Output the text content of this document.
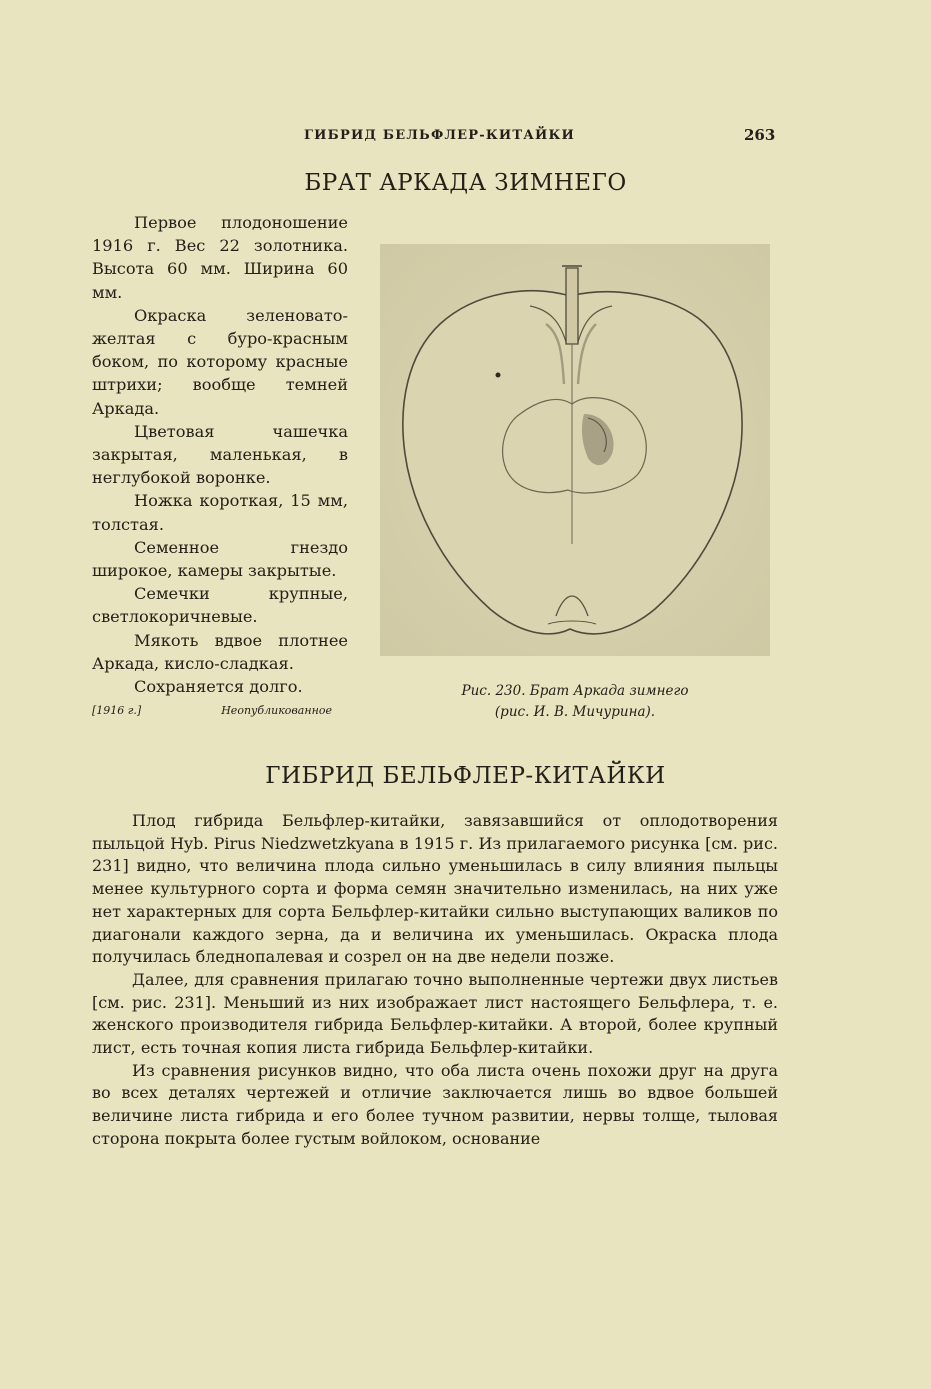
ГИБРИД БЕЛЬФЛЕР-КИТАЙКИ	263
БРАТ АРКАДА ЗИМНЕГО

Первое плодоношение 1916 г. Вес 22 золотника. Высота 60 мм. Ширина 60 мм.

Окраска зеленовато-желтая с буро-красным боком, по которому красные штрихи; вообще темней Аркада.

Цветовая чашечка закрытая, маленькая, в неглубокой воронке.

Ножка короткая, 15 мм, толстая.

Семенное гнездо широкое, камеры закрытые.

Семечки крупные, светлокоричневые.

Мякоть вдвое плотнее Аркада, кисло-сладкая.

Сохраняется долго.

[1916 г.]	Неопубликованное
Рис. 230. Брат Аркада зимнего
(рис. И. В. Мичурина).
ГИБРИД БЕЛЬФЛЕР-КИТАЙКИ

Плод гибрида Бельфлер-китайки, завязавшийся от оплодотворения пыльцой Hyb. Pirus Niedzwetzkyana в 1915 г. Из прилагаемого рисунка [см. рис. 231] видно, что величина плода сильно уменьшилась в силу влияния пыльцы менее культурного сорта и форма семян значительно изменилась, на них уже нет характерных для сорта Бельфлер-китайки сильно выступающих валиков по диагонали каждого зерна, да и величина их уменьшилась. Окраска плода получилась бледнопалевая и созрел он на две недели позже.

Далее, для сравнения прилагаю точно выполненные чертежи двух листьев [см. рис. 231]. Меньший из них изображает лист настоящего Бельфлера, т. е. женского производителя гибрида Бельфлер-китайки. А второй, более крупный лист, есть точная копия листа гибрида Бельфлер-китайки.

Из сравнения рисунков видно, что оба листа очень похожи друг на друга во всех деталях чертежей и отличие заключается лишь во вдвое большей величине листа гибрида и его более тучном развитии, нервы толще, тыловая сторона покрыта более густым войлоком, основание
